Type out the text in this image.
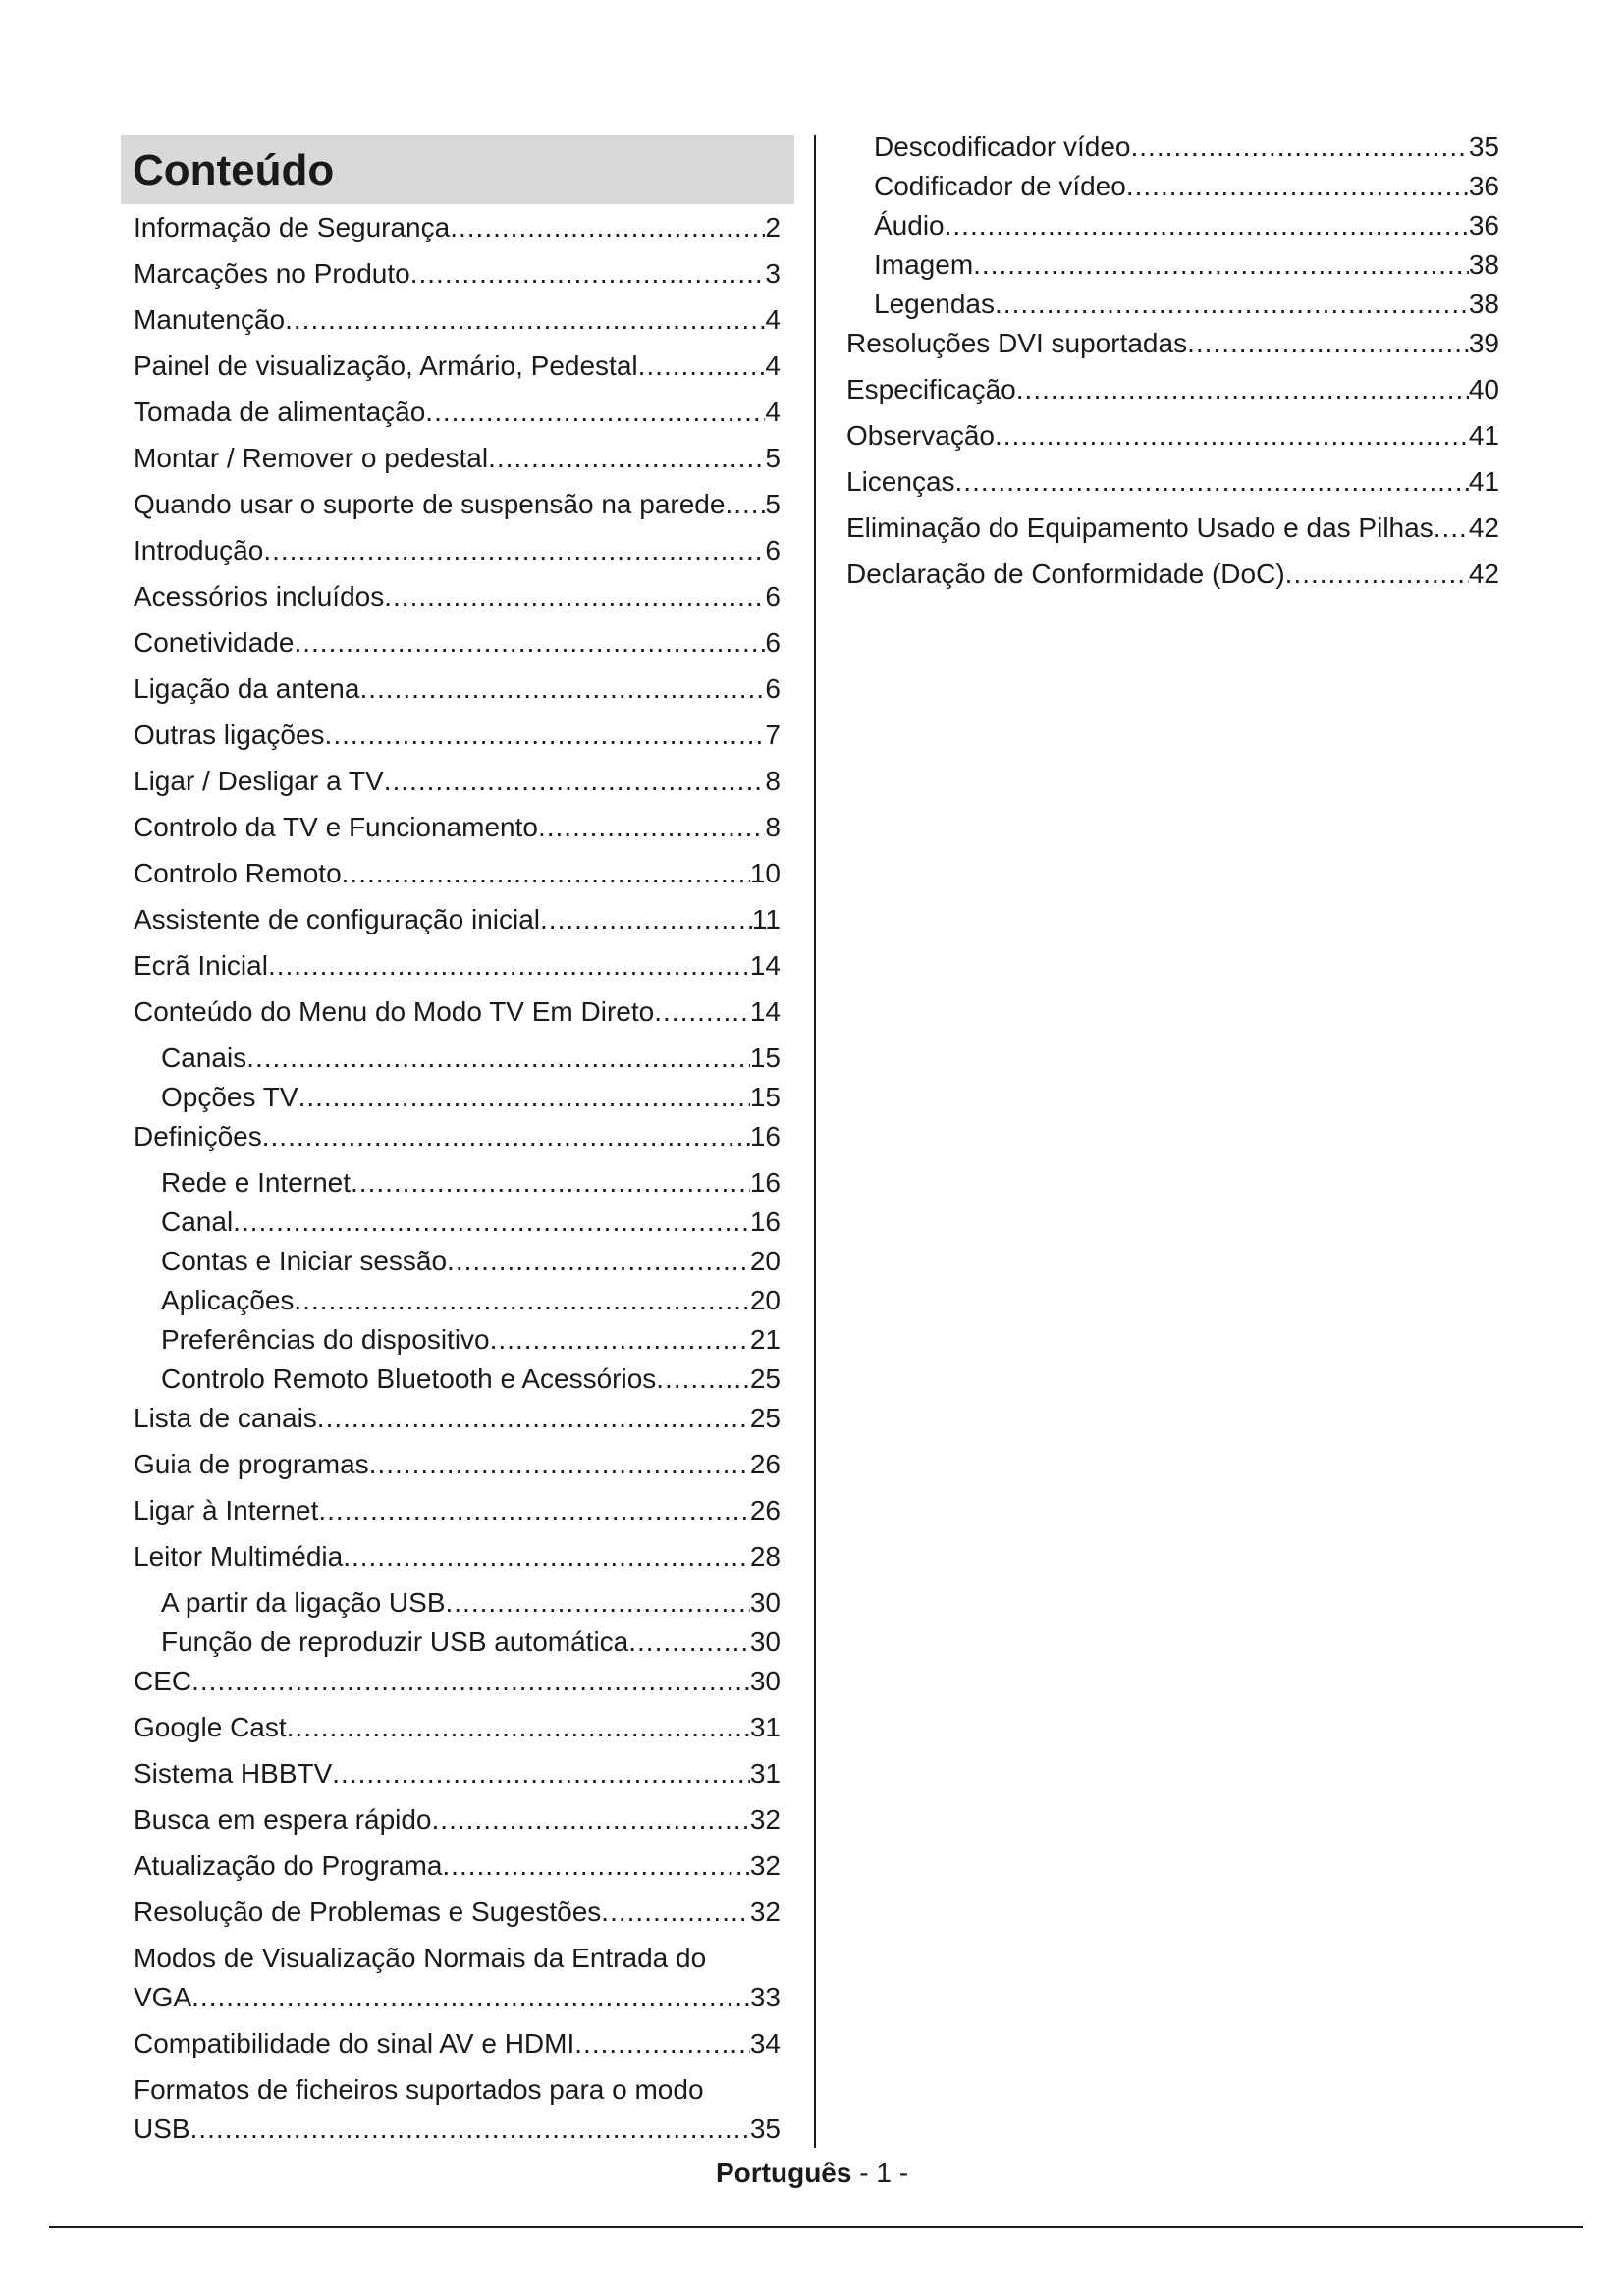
Conteúdo
Informação de Segurança .....	2
Marcações no Produto .....	3
Manutenção .....	4
Painel de visualização, Armário, Pedestal .....	4
Tomada de alimentação .....	4
Montar / Remover o pedestal .....	5
Quando usar o suporte de suspensão na parede ..... 5
Introdução .....	6
Acessórios incluídos .....	6
Conetividade .....	6
Ligação da antena .....	6
Outras ligações .....	7
Ligar / Desligar a TV .....	8
Controlo da TV e Funcionamento .....	8
Controlo Remoto .....	10
Assistente de configuração inicial .....	11
Ecrã Inicial .....	14
Conteúdo do Menu do Modo TV Em Direto .....	14
Canais .....	15
Opções TV .....	15
Definições .....	16
Rede e Internet .....	16
Canal .....	16
Contas e Iniciar sessão .....	20
Aplicações .....	20
Preferências do dispositivo .....	21
Controlo Remoto Bluetooth e Acessórios .....	25
Lista de canais .....	25
Guia de programas .....	26
Ligar à Internet .....	26
Leitor Multimédia .....	28
A partir da ligação USB .....	30
Função de reproduzir USB automática .....	30
CEC .....	30
Google Cast .....	31
Sistema HBBTV .....	31
Busca em espera rápido .....	32
Atualização do Programa .....	32
Resolução de Problemas e Sugestões .....	32
Modos de Visualização Normais da Entrada do
VGA .....	33
Compatibilidade do sinal AV e HDMI .....	34
Formatos de ficheiros suportados para o modo
USB .....	35
Descodificador vídeo .....	35
Codificador de vídeo .....	36
Áudio .....	36
Imagem .....	38
Legendas .....	38
Resoluções DVI suportadas .....	39
Especificação .....	40
Observação .....	41
Licenças .....	41
Eliminação do Equipamento Usado e das Pilhas ..... 42
Declaração de Conformidade (DoC) .....	42
Português - 1 -
